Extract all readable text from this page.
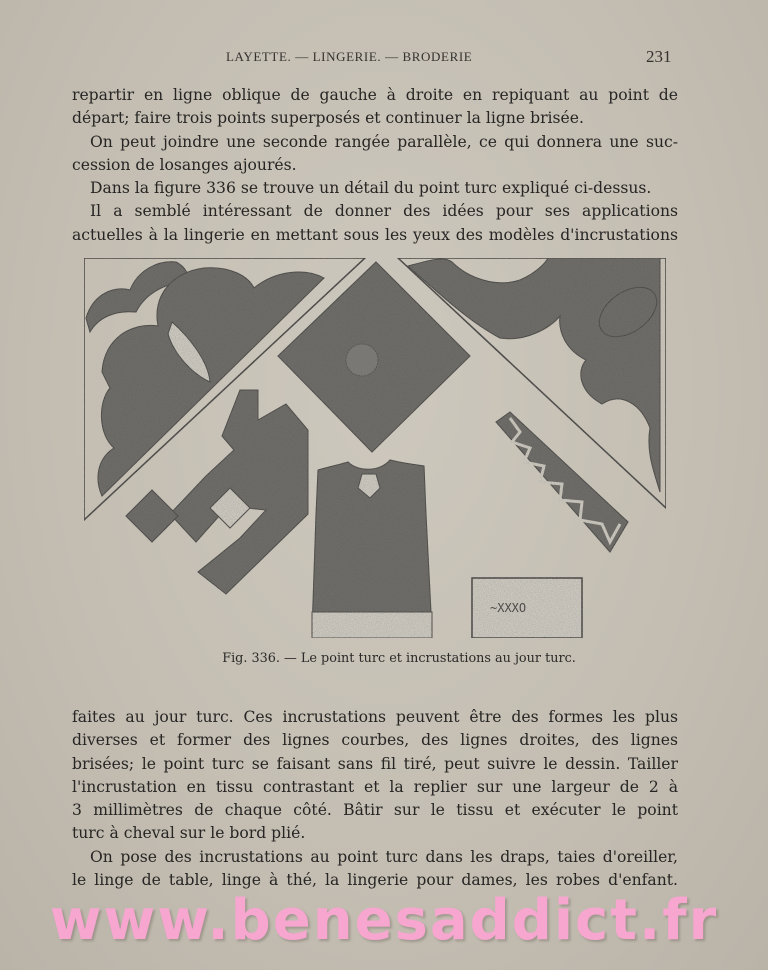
LAYETTE. — LINGERIE. — BRODERIE	231
repartir en ligne oblique de gauche à droite en repiquant au point de
départ; faire trois points superposés et continuer la ligne brisée.
On peut joindre une seconde rangée parallèle, ce qui donnera une suc-
cession de losanges ajourés.
Dans la figure 336 se trouve un détail du point turc expliqué ci-dessus.
Il a semblé intéressant de donner des idées pour ses applications
actuelles à la lingerie en mettant sous les yeux des modèles d'incrustations
~XXXO
Fig. 336. — Le point turc et incrustations au jour turc.
faites au jour turc. Ces incrustations peuvent être des formes les plus
diverses et former des lignes courbes, des lignes droites, des lignes
brisées; le point turc se faisant sans fil tiré, peut suivre le dessin. Tailler
l'incrustation en tissu contrastant et la replier sur une largeur de 2 à
3 millimètres de chaque côté. Bâtir sur le tissu et exécuter le point
turc à cheval sur le bord plié.
On pose des incrustations au point turc dans les draps, taies d'oreiller,
le linge de table, linge à thé, la lingerie pour dames, les robes d'enfant.
www.benesaddict.fr
